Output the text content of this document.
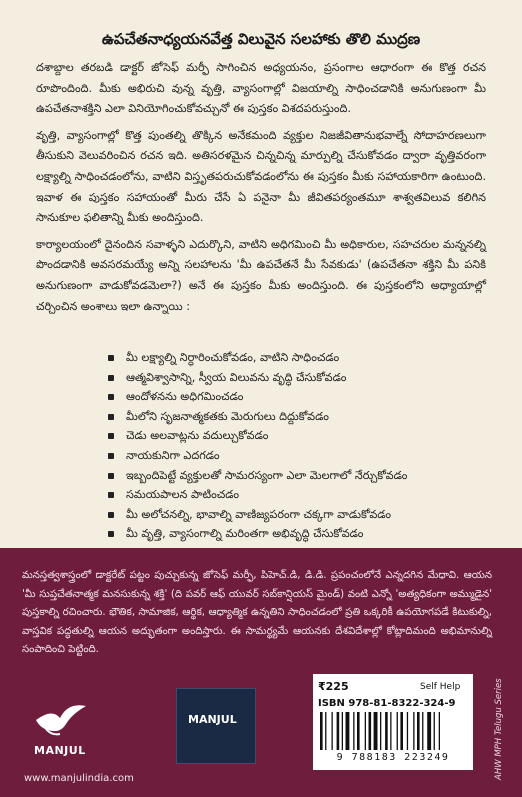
ఉపచేతనాధ్యయనవేత్త విలువైన సలహాకు తొలి ముద్రణ

దశాబ్దాల తరబడి డాక్టర్ జోసెఫ్ మర్ఫీ సాగించిన అధ్యయనం, ప్రసంగాల ఆధారంగా ఈ కొత్త రచన రూపొందింది. మీకు అభిరుచి వున్న వృత్తి, వ్యాసంగాల్లో విజయాల్ని సాధించడానికి అనుగుణంగా మీ ఉపచేతనాశక్తిని ఎలా వినియోగించుకోవచ్చునో ఈ పుస్తకం విశదపరుస్తుంది.

వృత్తి, వ్యాసంగాల్లో కొత్త పుంతల్ని తొక్కిన అనేకమంది వ్యక్తుల నిజజీవితానుభవాల్నే సోదాహరణలుగా తీసుకుని వెలువరించిన రచన ఇది. అతిసరళమైన చిన్నచిన్న మార్పుల్ని చేసుకోవడం ద్వారా వృత్తివరంగా లక్ష్యాల్ని సాధించడంలోను, వాటిని విస్తృతపరుచుకోవడంలోను ఈ పుస్తకం మీకు సహాయకారిగా ఉంటుంది. ఇవాళ ఈ పుస్తకం సహాయంతో మీరు చేసే ఏ పనైనా మీ జీవితపర్యంతమూ శాశ్వతవిలువ కలిగిన సానుకూల ఫలితాన్ని మీకు అందిస్తుంది.

కార్యాలయంలో దైనందిన సవాళ్ళని ఎదుర్కొని, వాటిని అధిగమించి మీ అధికారుల, సహచరుల మన్ననల్ని పొందడానికి అవసరమయ్యే అన్ని సలహాలను 'మీ ఉపచేతనే మీ సేవకుడు' (ఉపచేతనా శక్తిని మీ పనికి అనుగుణంగా వాడుకోవడమెలా?) అనే ఈ పుస్తకం మీకు అందిస్తుంది. ఈ పుస్తకంలోని అధ్యాయాల్లో చర్చించిన అంశాలు ఇలా ఉన్నాయి :

మీ లక్ష్యాల్ని నిర్ధారించుకోవడం, వాటిని సాధించడం
ఆత్మవిశ్వాసాన్ని, స్వీయ విలువను వృద్ధి చేసుకోవడం
ఆందోళనను అధిగమించడం
మీలోని సృజనాత్మకతకు మెరుగులు దిద్దుకోవడం
చెడు అలవాట్లను వదుల్చుకోవడం
నాయకునిగా ఎదగడం
ఇబ్బందిపెట్టే వ్యక్తులతో సామరస్యంగా ఎలా మెలగాలో నేర్చుకోవడం
సమయపాలన పాటించడం
మీ అలోచనల్ని, భావాల్ని వాణిజ్యపరంగా చక్కగా వాడుకోవడం
మీ వృత్తి, వ్యాసంగాల్ని మరింతగా అభివృద్ధి చేసుకోవడం
మనస్తత్వశాస్త్రంలో డాక్టరేట్ పట్టం పుచ్చుకున్న జోసెఫ్ మర్ఫీ, పిహెచ్.డి, డి.డి. ప్రపంచంలోనే ఎన్నదగిన మేధావి. ఆయన 'మీ సుప్తచేతనాత్మక మనసుకున్న శక్తి' (ది పవర్ ఆఫ్ యువర్ సబ్‌కాన్షియస్ మైండ్) వంటి ఎన్నో 'అత్యధికంగా అమ్ముడైన' పుస్తకాల్ని రచించారు. భౌతిక, సామాజిక, ఆర్థిక, ఆధ్యాత్మిక ఉన్నతిని సాధించడంలో ప్రతి ఒక్కరికీ ఉపయోగపడే కిటుకుల్ని, వాస్తవిక పద్ధతుల్ని ఆయన అద్భుతంగా అందిస్తారు. ఈ సామర్థ్యమే ఆయనకు దేశవిదేశాల్లో కోట్లాదిమంది అభిమానుల్ని సంపాదించి పెట్టింది.
MANJUL
MANJUL
₹225	Self Help
ISBN 978-81-8322-324-9
9 788183 223249	AHW MPH Telugu Series
www.manjulindia.com
